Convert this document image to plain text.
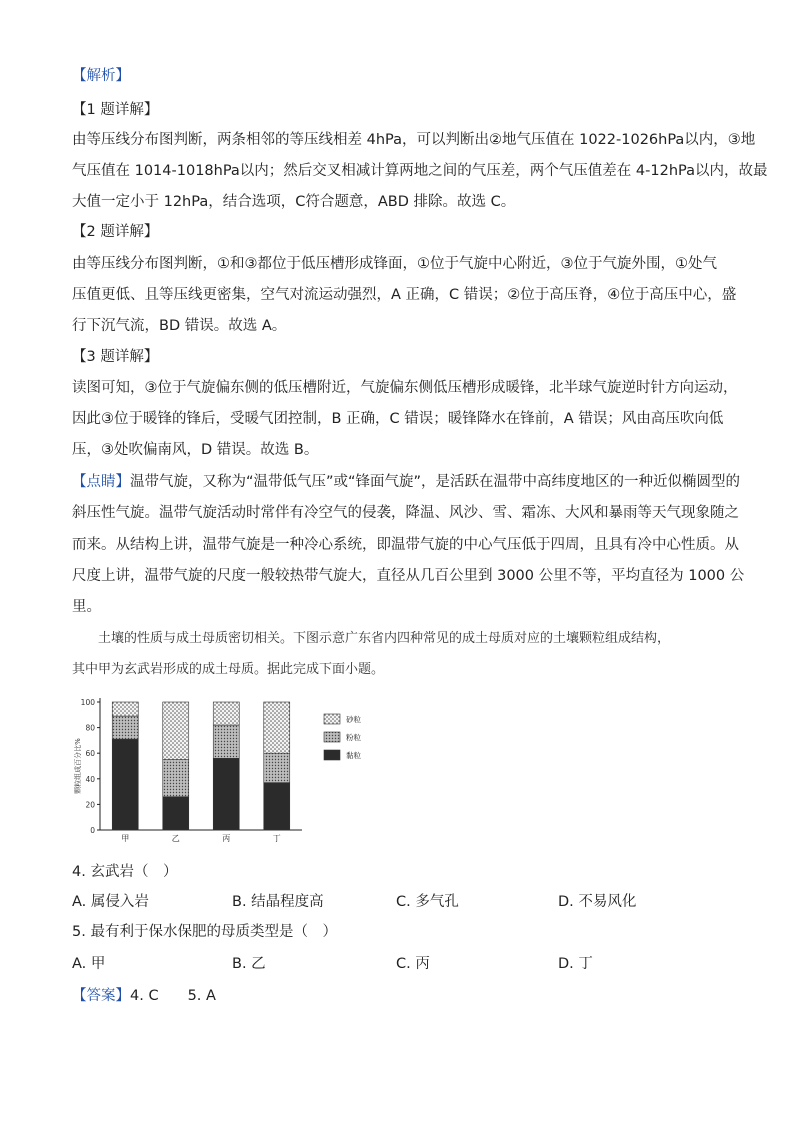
【解析】
【1 题详解】
由等压线分布图判断，两条相邻的等压线相差 4hPa，可以判断出②地气压值在 1022-1026hPa以内，③地
气压值在 1014-1018hPa以内；然后交叉相减计算两地之间的气压差，两个气压值差在 4-12hPa以内，故最
大值一定小于 12hPa，结合选项，C符合题意，ABD 排除。故选 C。
【2 题详解】
由等压线分布图判断，①和③都位于低压槽形成锋面，①位于气旋中心附近，③位于气旋外围，①处气
压值更低、且等压线更密集，空气对流运动强烈，A 正确，C 错误；②位于高压脊，④位于高压中心，盛
行下沉气流，BD 错误。故选 A。
【3 题详解】
读图可知，③位于气旋偏东侧的低压槽附近，气旋偏东侧低压槽形成暖锋，北半球气旋逆时针方向运动，
因此③位于暖锋的锋后，受暖气团控制，B 正确，C 错误；暖锋降水在锋前，A 错误；风由高压吹向低
压，③处吹偏南风，D 错误。故选 B。
【点睛】温带气旋，又称为“温带低气压”或“锋面气旋”，是活跃在温带中高纬度地区的一种近似椭圆型的
斜压性气旋。温带气旋活动时常伴有冷空气的侵袭，降温、风沙、雪、霜冻、大风和暴雨等天气现象随之
而来。从结构上讲，温带气旋是一种冷心系统，即温带气旋的中心气压低于四周，且具有冷中心性质。从
尺度上讲，温带气旋的尺度一般较热带气旋大，直径从几百公里到 3000 公里不等，平均直径为 1000 公
里。
　　土壤的性质与成土母质密切相关。下图示意广东省内四种常见的成土母质对应的土壤颗粒组成结构，
其中甲为玄武岩形成的成土母质。据此完成下面小题。
0
20
40
60
80
100
颗粒组成百分比%
甲	乙	丙	丁
砂粒
粉粒
黏粒
4. 玄武岩（　）
A. 属侵入岩	B. 结晶程度高	C. 多气孔	D. 不易风化
5. 最有利于保水保肥的母质类型是（　）
A. 甲	B. 乙	C. 丙	D. 丁
【答案】4. C　　5. A
